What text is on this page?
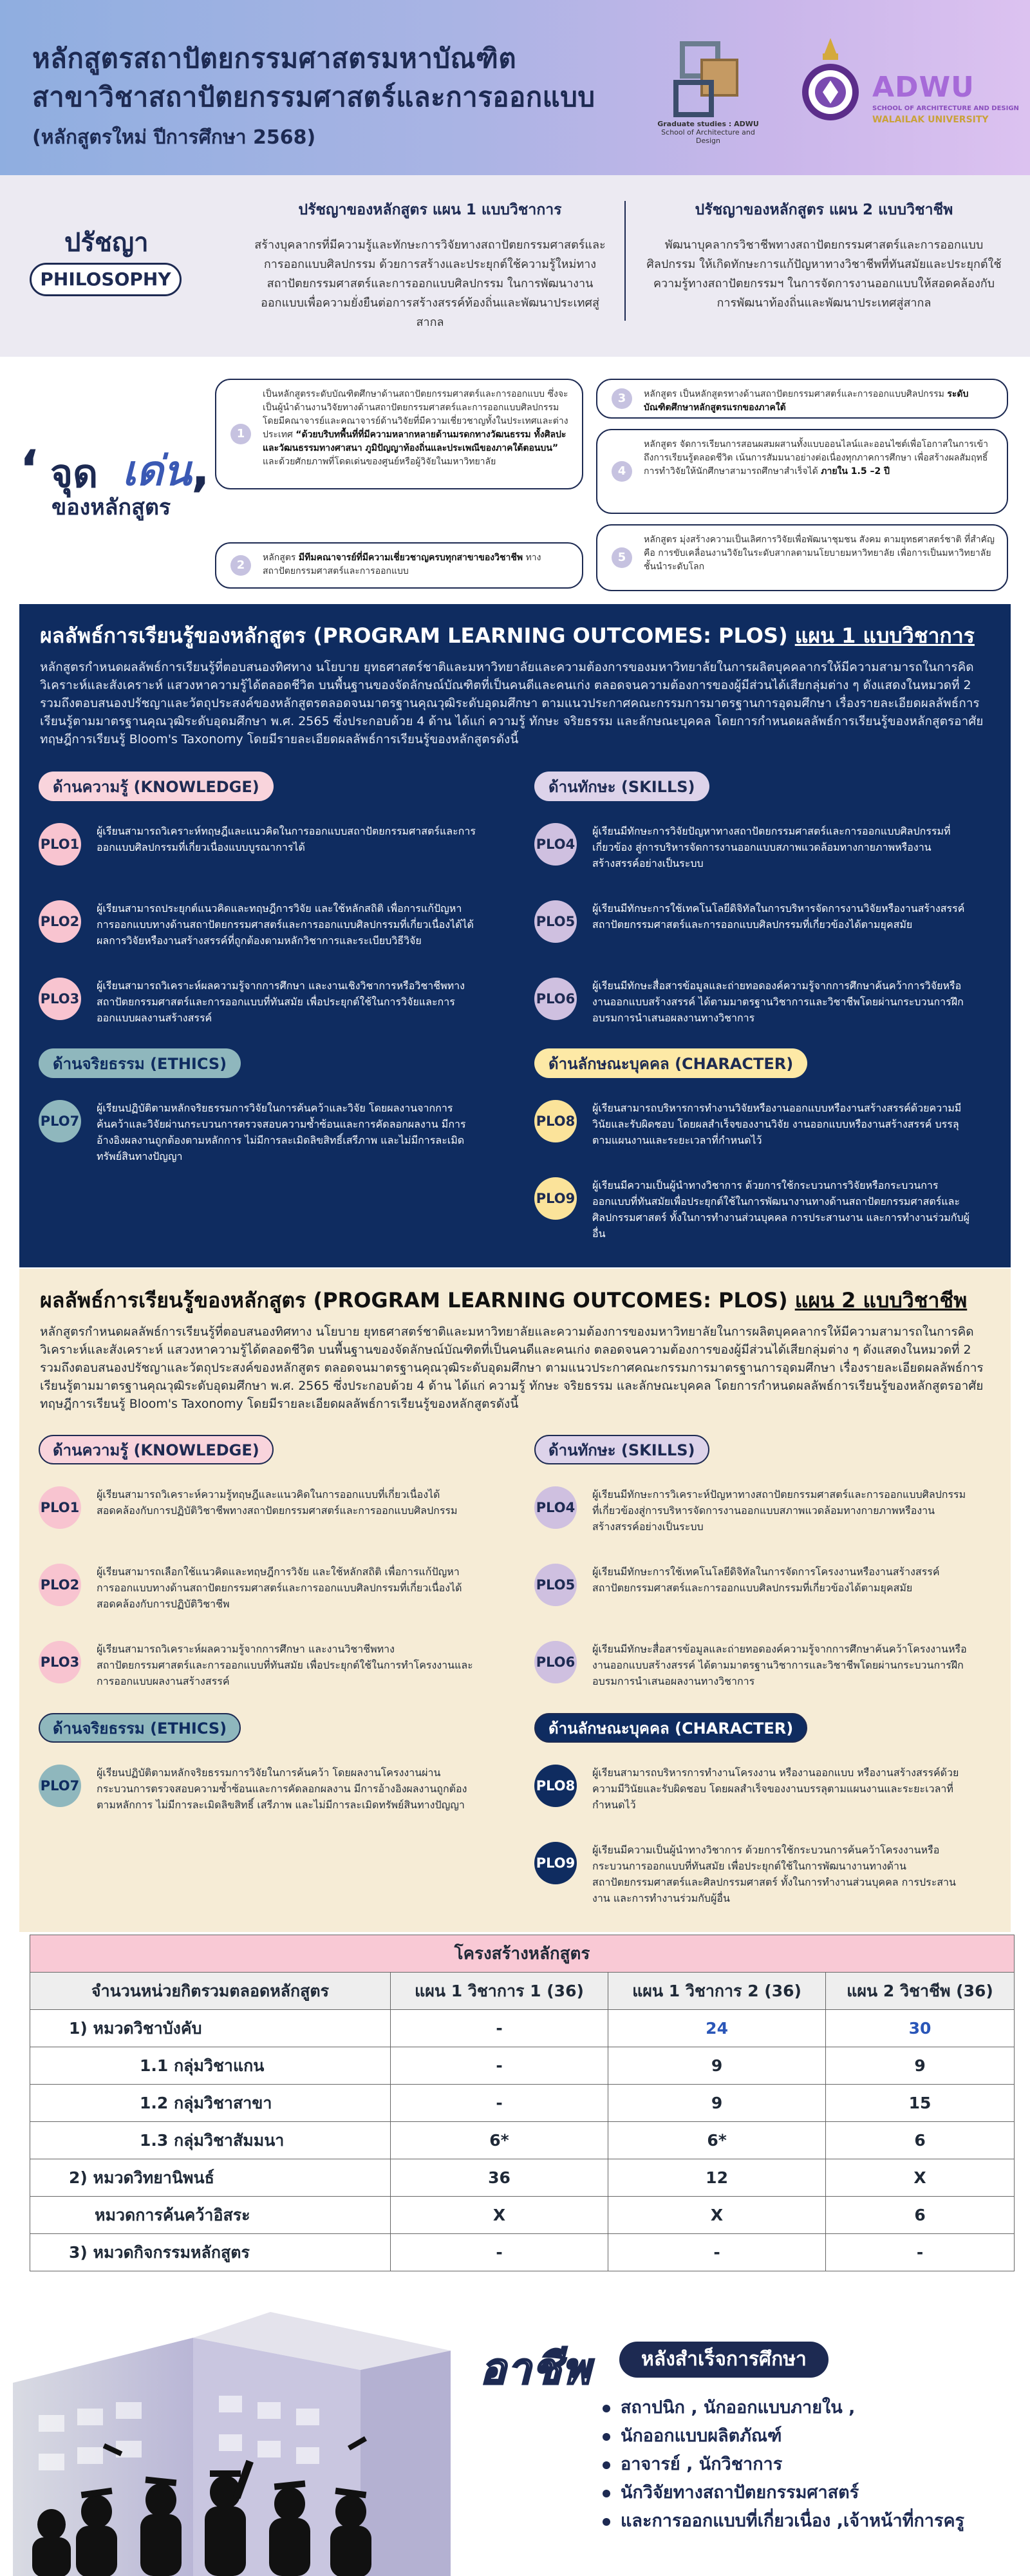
หลักสูตรสถาปัตยกรรมศาสตรมหาบัณฑิต
สาขาวิชาสถาปัตยกรรมศาสตร์และการออกแบบ
(หลักสูตรใหม่ ปีการศึกษา 2568)
Graduate studies : ADWU
School of Architecture and Design
ADWU
SCHOOL OF ARCHITECTURE AND DESIGN
WALAILAK UNIVERSITY
ปรัชญา
PHILOSOPHY
ปรัชญาของหลักสูตร แผน 1 แบบวิชาการ

สร้างบุคลากรที่มีความรู้และทักษะการวิจัยทางสถาปัตยกรรมศาสตร์และการออกแบบศิลปกรรม ด้วยการสร้างและประยุกต์ใช้ความรู้ใหม่ทางสถาปัตยกรรมศาสตร์และการออกแบบศิลปกรรม ในการพัฒนางานออกแบบเพื่อความยั่งยืนต่อการสร้างสรรค์ท้องถิ่นและพัฒนาประเทศสู่สากล

ปรัชญาของหลักสูตร แผน 2 แบบวิชาชีพ

พัฒนาบุคลากรวิชาชีพทางสถาปัตยกรรมศาสตร์และการออกแบบศิลปกรรม ให้เกิดทักษะการแก้ปัญหาทางวิชาชีพที่ทันสมัยและประยุกต์ใช้ความรู้ทางสถาปัตยกรรมฯ ในการจัดการงานออกแบบให้สอดคล้องกับการพัฒนาท้องถิ่นและพัฒนาประเทศสู่สากล

‘ จุด เด่น
ของหลักสูตร ’
1
เป็นหลักสูตรระดับบัณฑิตศึกษาด้านสถาปัตยกรรมศาสตร์และการออกแบบ ซึ่งจะเป็นผู้นำด้านงานวิจัยทางด้านสถาปัตยกรรมศาสตร์และการออกแบบศิลปกรรม โดยมีคณาจารย์และคณาจารย์ด้านวิจัยที่มีความเชี่ยวชาญทั้งในประเทศและต่างประเทศ “ด้วยบริบทพื้นที่ที่มีความหลากหลายด้านมรดกทางวัฒนธรรม ทั้งศิลปะและวัฒนธรรมทางศาสนา ภูมิปัญญาท้องถิ่นและประเพณีของภาคใต้ตอนบน” และด้วยศักยภาพที่โดดเด่นของศูนย์หรือผู้วิจัยในมหาวิทยาลัย
2
หลักสูตร มีทีมคณาจารย์ที่มีความเชี่ยวชาญครบทุกสาขาของวิชาชีพ ทางสถาปัตยกรรมศาสตร์และการออกแบบ
3	หลักสูตร เป็นหลักสูตรทางด้านสถาปัตยกรรมศาสตร์และการออกแบบศิลปกรรม ระดับบัณฑิตศึกษาหลักสูตรแรกของภาคใต้
4
หลักสูตร จัดการเรียนการสอนผสมผสานทั้งแบบออนไลน์และออนไซต์เพื่อโอกาสในการเข้าถึงการเรียนรู้ตลอดชีวิต เน้นการสัมมนาอย่างต่อเนื่องทุกภาคการศึกษา เพื่อสร้างผลสัมฤทธิ์การทำวิจัยให้นักศึกษาสามารถศึกษาสำเร็จได้ ภายใน 1.5 –2 ปี
5
หลักสูตร มุ่งสร้างความเป็นเลิศการวิจัยเพื่อพัฒนาชุมชน สังคม ตามยุทธศาสตร์ชาติ ที่สำคัญคือ การขับเคลื่อนงานวิจัยในระดับสากลตามนโยบายมหาวิทยาลัย เพื่อการเป็นมหาวิทยาลัยชั้นนำระดับโลก
ผลลัพธ์การเรียนรู้ของหลักสูตร (PROGRAM LEARNING OUTCOMES: PLOS) แผน 1 แบบวิชาการ
หลักสูตรกำหนดผลลัพธ์การเรียนรู้ที่ตอบสนองทิศทาง นโยบาย ยุทธศาสตร์ชาติและมหาวิทยาลัยและความต้องการของมหาวิทยาลัยในการผลิตบุคคลากรให้มีความสามารถในการคิดวิเคราะห์และสังเคราะห์ แสวงหาความรู้ได้ตลอดชีวิต บนพื้นฐานของจัดลักษณ์บัณฑิตที่เป็นคนดีและคนเก่ง ตลอดจนความต้องการของผู้มีส่วนได้เสียกลุ่มต่าง ๆ ดังแสดงในหมวดที่ 2 รวมถึงตอบสนองปรัชญาและวัตถุประสงค์ของหลักสูตรตลอดจนมาตรฐานคุณวุฒิระดับอุดมศึกษา ตามแนวประกาศคณะกรรมการมาตรฐานการอุดมศึกษา เรื่องรายละเอียดผลลัพธ์การเรียนรู้ตามมาตรฐานคุณวุฒิระดับอุดมศึกษา พ.ศ. 2565 ซึ่งประกอบด้วย 4 ด้าน ได้แก่ ความรู้ ทักษะ จริยธรรม และลักษณะบุคคล โดยการกำหนดผลลัพธ์การเรียนรู้ของหลักสูตรอาศัยทฤษฎีการเรียนรู้ Bloom's Taxonomy โดยมีรายละเอียดผลลัพธ์การเรียนรู้ของหลักสูตรดังนี้
ด้านความรู้ (KNOWLEDGE)	ด้านทักษะ (SKILLS)
ด้านจริยธรรม (ETHICS)	ด้านลักษณะบุคคล (CHARACTER)
PLO1
ผู้เรียนสามารถวิเคราะห์ทฤษฎีและแนวคิดในการออกแบบสถาปัตยกรรมศาสตร์และการออกแบบศิลปกรรมที่เกี่ยวเนื่องแบบบูรณาการได้
PLO2
ผู้เรียนสามารถประยุกต์แนวคิดและทฤษฎีการวิจัย และใช้หลักสถิติ เพื่อการแก้ปัญหาการออกแบบทางด้านสถาปัตยกรรมศาสตร์และการออกแบบศิลปกรรมที่เกี่ยวเนื่องได้ได้ผลการวิจัยหรืองานสร้างสรรค์ที่ถูกต้องตามหลักวิชาการและระเบียบวิธีวิจัย
PLO3
ผู้เรียนสามารถวิเคราะห์ผลความรู้จากการศึกษา และงานเชิงวิชาการหรือวิชาชีพทางสถาปัตยกรรมศาสตร์และการออกแบบที่ทันสมัย เพื่อประยุกต์ใช้ในการวิจัยและการออกแบบผลงานสร้างสรรค์
PLO4
ผู้เรียนมีทักษะการวิจัยปัญหาทางสถาปัตยกรรมศาสตร์และการออกแบบศิลปกรรมที่เกี่ยวข้อง สู่การบริหารจัดการงานออกแบบสภาพแวดล้อมทางกายภาพหรืองานสร้างสรรค์อย่างเป็นระบบ
PLO5
ผู้เรียนมีทักษะการใช้เทคโนโลยีดิจิทัลในการบริหารจัดการงานวิจัยหรืองานสร้างสรรค์สถาปัตยกรรมศาสตร์และการออกแบบศิลปกรรมที่เกี่ยวข้องได้ตามยุคสมัย
PLO6
ผู้เรียนมีทักษะสื่อสารข้อมูลและถ่ายทอดองค์ความรู้จากการศึกษาค้นคว้าการวิจัยหรืองานออกแบบสร้างสรรค์ ได้ตามมาตรฐานวิชาการและวิชาชีพโดยผ่านกระบวนการฝึกอบรมการนำเสนอผลงานทางวิชาการ
PLO7
ผู้เรียนปฏิบัติตามหลักจริยธรรมการวิจัยในการค้นคว้าและวิจัย โดยผลงานจากการค้นคว้าและวิจัยผ่านกระบวนการตรวจสอบความซ้ำซ้อนและการคัดลอกผลงาน มีการอ้างอิงผลงานถูกต้องตามหลักการ ไม่มีการละเมิดลิขสิทธิ์เสรีภาพ และไม่มีการละเมิดทรัพย์สินทางปัญญา
PLO8
ผู้เรียนสามารถบริหารการทำงานวิจัยหรืองานออกแบบหรืองานสร้างสรรค์ด้วยความมีวินัยและรับผิดชอบ โดยผลสำเร็จของงานวิจัย งานออกแบบหรืองานสร้างสรรค์ บรรลุตามแผนงานและระยะเวลาที่กำหนดไว้
PLO9
ผู้เรียนมีความเป็นผู้นำทางวิชาการ ด้วยการใช้กระบวนการวิจัยหรือกระบวนการออกแบบที่ทันสมัยเพื่อประยุกต์ใช้ในการพัฒนางานทางด้านสถาปัตยกรรมศาสตร์และศิลปกรรมศาสตร์ ทั้งในการทำงานส่วนบุคคล การประสานงาน และการทำงานร่วมกับผู้อื่น
ผลลัพธ์การเรียนรู้ของหลักสูตร (PROGRAM LEARNING OUTCOMES: PLOS) แผน 2 แบบวิชาชีพ
หลักสูตรกำหนดผลลัพธ์การเรียนรู้ที่ตอบสนองทิศทาง นโยบาย ยุทธศาสตร์ชาติและมหาวิทยาลัยและความต้องการของมหาวิทยาลัยในการผลิตบุคคลากรให้มีความสามารถในการคิดวิเคราะห์และสังเคราะห์ แสวงหาความรู้ได้ตลอดชีวิต บนพื้นฐานของจัดลักษณ์บัณฑิตที่เป็นคนดีและคนเก่ง ตลอดจนความต้องการของผู้มีส่วนได้เสียกลุ่มต่าง ๆ ดังแสดงในหมวดที่ 2 รวมถึงตอบสนองปรัชญาและวัตถุประสงค์ของหลักสูตร ตลอดจนมาตรฐานคุณวุฒิระดับอุดมศึกษา ตามแนวประกาศคณะกรรมการมาตรฐานการอุดมศึกษา เรื่องรายละเอียดผลลัพธ์การเรียนรู้ตามมาตรฐานคุณวุฒิระดับอุดมศึกษา พ.ศ. 2565 ซึ่งประกอบด้วย 4 ด้าน ได้แก่ ความรู้ ทักษะ จริยธรรม และลักษณะบุคคล โดยการกำหนดผลลัพธ์การเรียนรู้ของหลักสูตรอาศัยทฤษฎีการเรียนรู้ Bloom's Taxonomy โดยมีรายละเอียดผลลัพธ์การเรียนรู้ของหลักสูตรดังนี้
ด้านความรู้ (KNOWLEDGE)	ด้านทักษะ (SKILLS)
ด้านจริยธรรม (ETHICS)	ด้านลักษณะบุคคล (CHARACTER)
PLO1
ผู้เรียนสามารถวิเคราะห์ความรู้ทฤษฎีและแนวคิดในการออกแบบที่เกี่ยวเนื่องได้สอดคล้องกับการปฏิบัติวิชาชีพทางสถาปัตยกรรมศาสตร์และการออกแบบศิลปกรรม
PLO2
ผู้เรียนสามารถเลือกใช้แนวคิดและทฤษฎีการวิจัย และใช้หลักสถิติ เพื่อการแก้ปัญหาการออกแบบทางด้านสถาปัตยกรรมศาสตร์และการออกแบบศิลปกรรมที่เกี่ยวเนื่องได้สอดคล้องกับการปฏิบัติวิชาชีพ
PLO3
ผู้เรียนสามารถวิเคราะห์ผลความรู้จากการศึกษา และงานวิชาชีพทางสถาปัตยกรรมศาสตร์และการออกแบบที่ทันสมัย เพื่อประยุกต์ใช้ในการทำโครงงานและการออกแบบผลงานสร้างสรรค์
PLO4
ผู้เรียนมีทักษะการวิเคราะห์ปัญหาทางสถาปัตยกรรมศาสตร์และการออกแบบศิลปกรรมที่เกี่ยวข้องสู่การบริหารจัดการงานออกแบบสภาพแวดล้อมทางกายภาพหรืองานสร้างสรรค์อย่างเป็นระบบ
PLO5
ผู้เรียนมีทักษะการใช้เทคโนโลยีดิจิทัลในการจัดการโครงงานหรืองานสร้างสรรค์สถาปัตยกรรมศาสตร์และการออกแบบศิลปกรรมที่เกี่ยวข้องได้ตามยุคสมัย
PLO6
ผู้เรียนมีทักษะสื่อสารข้อมูลและถ่ายทอดองค์ความรู้จากการศึกษาค้นคว้าโครงงานหรืองานออกแบบสร้างสรรค์ ได้ตามมาตรฐานวิชาการและวิชาชีพโดยผ่านกระบวนการฝึกอบรมการนำเสนอผลงานทางวิชาการ
PLO7
ผู้เรียนปฏิบัติตามหลักจริยธรรมการวิจัยในการค้นคว้า โดยผลงานโครงงานผ่านกระบวนการตรวจสอบความซ้ำซ้อนและการคัดลอกผลงาน มีการอ้างอิงผลงานถูกต้องตามหลักการ ไม่มีการละเมิดลิขสิทธิ์ เสรีภาพ และไม่มีการละเมิดทรัพย์สินทางปัญญา
PLO8
ผู้เรียนสามารถบริหารการทำงานโครงงาน หรืองานออกแบบ หรืองานสร้างสรรค์ด้วยความมีวินัยและรับผิดชอบ โดยผลสำเร็จของงานบรรลุตามแผนงานและระยะเวลาที่กำหนดไว้
PLO9
ผู้เรียนมีความเป็นผู้นำทางวิชาการ ด้วยการใช้กระบวนการค้นคว้าโครงงานหรือกระบวนการออกแบบที่ทันสมัย เพื่อประยุกต์ใช้ในการพัฒนางานทางด้านสถาปัตยกรรมศาสตร์และศิลปกรรมศาสตร์ ทั้งในการทำงานส่วนบุคคล การประสานงาน และการทำงานร่วมกับผู้อื่น
โครงสร้างหลักสูตร			
จำนวนหน่วยกิตรวมตลอดหลักสูตร	แผน 1 วิชาการ 1 (36)	แผน 1 วิชาการ 2 (36)	แผน 2 วิชาชีพ (36)
1) หมวดวิชาบังคับ	-	24	30
1.1 กลุ่มวิชาแกน	-	9	9
1.2 กลุ่มวิชาสาขา	-	9	15
1.3 กลุ่มวิชาสัมมนา	6*	6*	6
2) หมวดวิทยานิพนธ์	36	12	X
หมวดการค้นคว้าอิสระ	X	X	6
3) หมวดกิจกรรมหลักสูตร	-	-	-
อาชีพ	หลังสำเร็จการศึกษา
สถาปนิก , นักออกแบบภายใน ,
นักออกแบบผลิตภัณฑ์
อาจารย์ , นักวิชาการ
นักวิจัยทางสถาปัตยกรรมศาสตร์
และการออกแบบที่เกี่ยวเนื่อง ,เจ้าหน้าที่การครู
